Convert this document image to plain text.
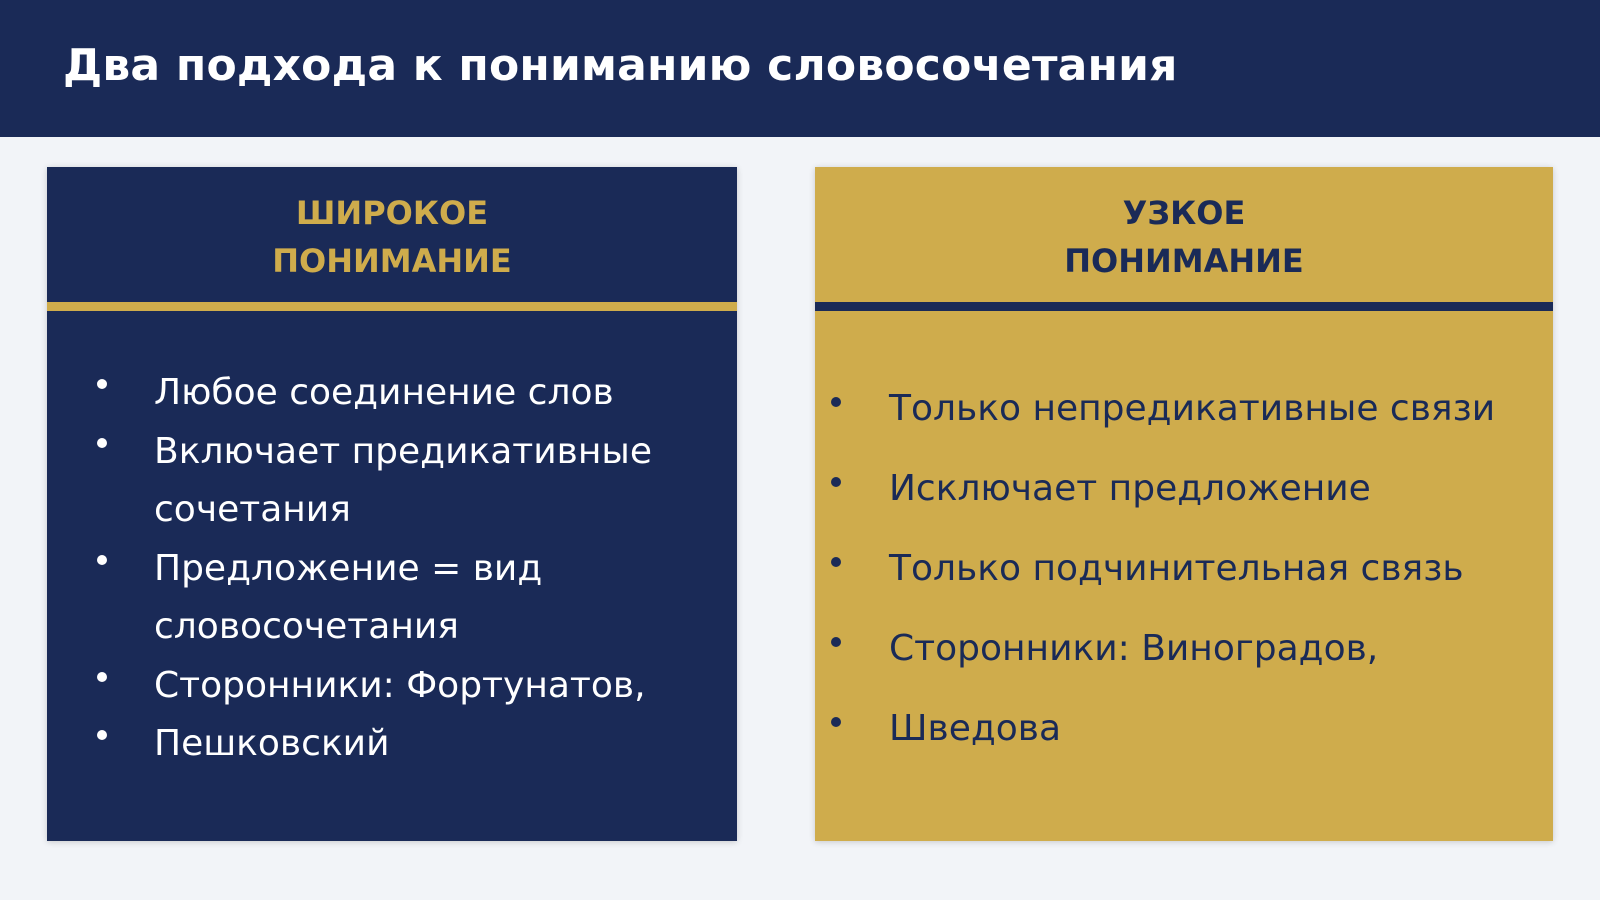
Два подхода к пониманию словосочетания
ШИРОКОЕ
ПОНИМАНИЕ
Любое соединение слов
Включает предикативные сочетания
Предложение = вид словосочетания
Сторонники: Фортунатов,
Пешковский
УЗКОЕ
ПОНИМАНИЕ
Только непредикативные связи
Исключает предложение
Только подчинительная связь
Сторонники: Виноградов,
Шведова
